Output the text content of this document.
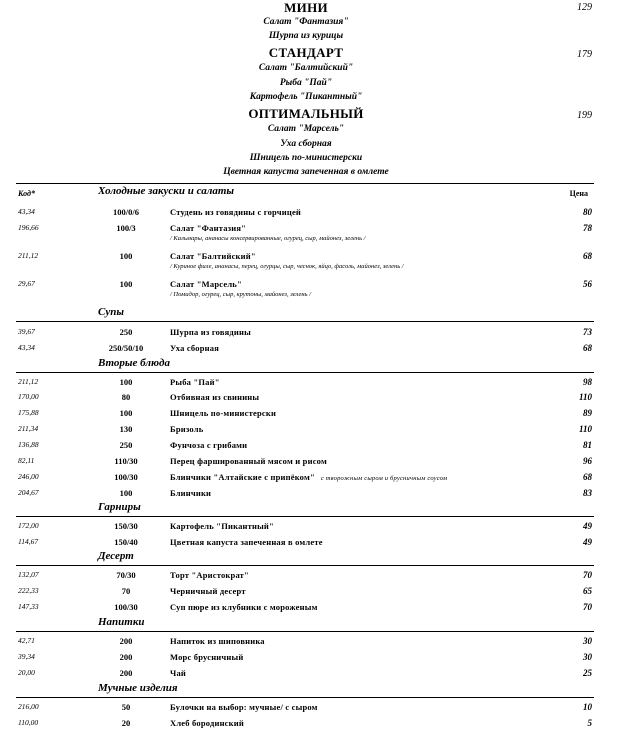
МИНИ	129
Салат "Фантазия"
Шурпа из курицы
СТАНДАРТ	179
Салат "Балтийский"
Рыба "Пай"
Картофель "Пикантный"
ОПТИМАЛЬНЫЙ	199
Салат "Марсель"
Уха сборная
Шницель по-министерски
Цветная капуста запеченная в омлете
Код*	Цена
Холодные закуски и салаты
43,34	100/0/6	Студень из говядины с горчицей	80
196,66	100/3	Салат "Фантазия"	78
/ Кальмары, ананасы консервированные, огурец, сыр, майонез, зелень /
211,12	100	Салат "Балтийский"	68
/ Куриное филе, ананасы, перец, огурцы, сыр, чеснок, яйцо, фасоль, майонез, зелень /
29,67	100	Салат "Марсель"	56
/ Помидор, огурец, сыр, крутоны, майонез, зелень /
Супы
39,67	250	Шурпа из говядины	73
43,34	250/50/10	Уха сборная	68
Вторые блюда
211,12	100	Рыба "Пай"	98
170,00	80	Отбивная из свинины	110
175,88	100	Шницель по-министерски	89
211,34	130	Бризоль	110
136,88	250	Фунчоза с грибами	81
82,11	110/30	Перец фаршированный мясом и рисом	96
246,00	100/30	Блинчики "Алтайские с припёком" с творожным сыром и брусничным соусом	68
204,67	100	Блинчики	83
Гарниры
172,00	150/30	Картофель "Пикантный"	49
114,67	150/40	Цветная капуста запеченная в омлете	49
Десерт
132,07	70/30	Торт "Аристократ"	70
222,33	70	Черничный десерт	65
147,33	100/30	Суп пюре из клубники с мороженым	70
Напитки
42,71	200	Напиток из шиповника	30
39,34	200	Морс брусничный	30
20,00	200	Чай	25
Мучные изделия
216,00	50	Булочки на выбор: мучные/ с сыром	10
110,00	20	Хлеб бородинский	5
